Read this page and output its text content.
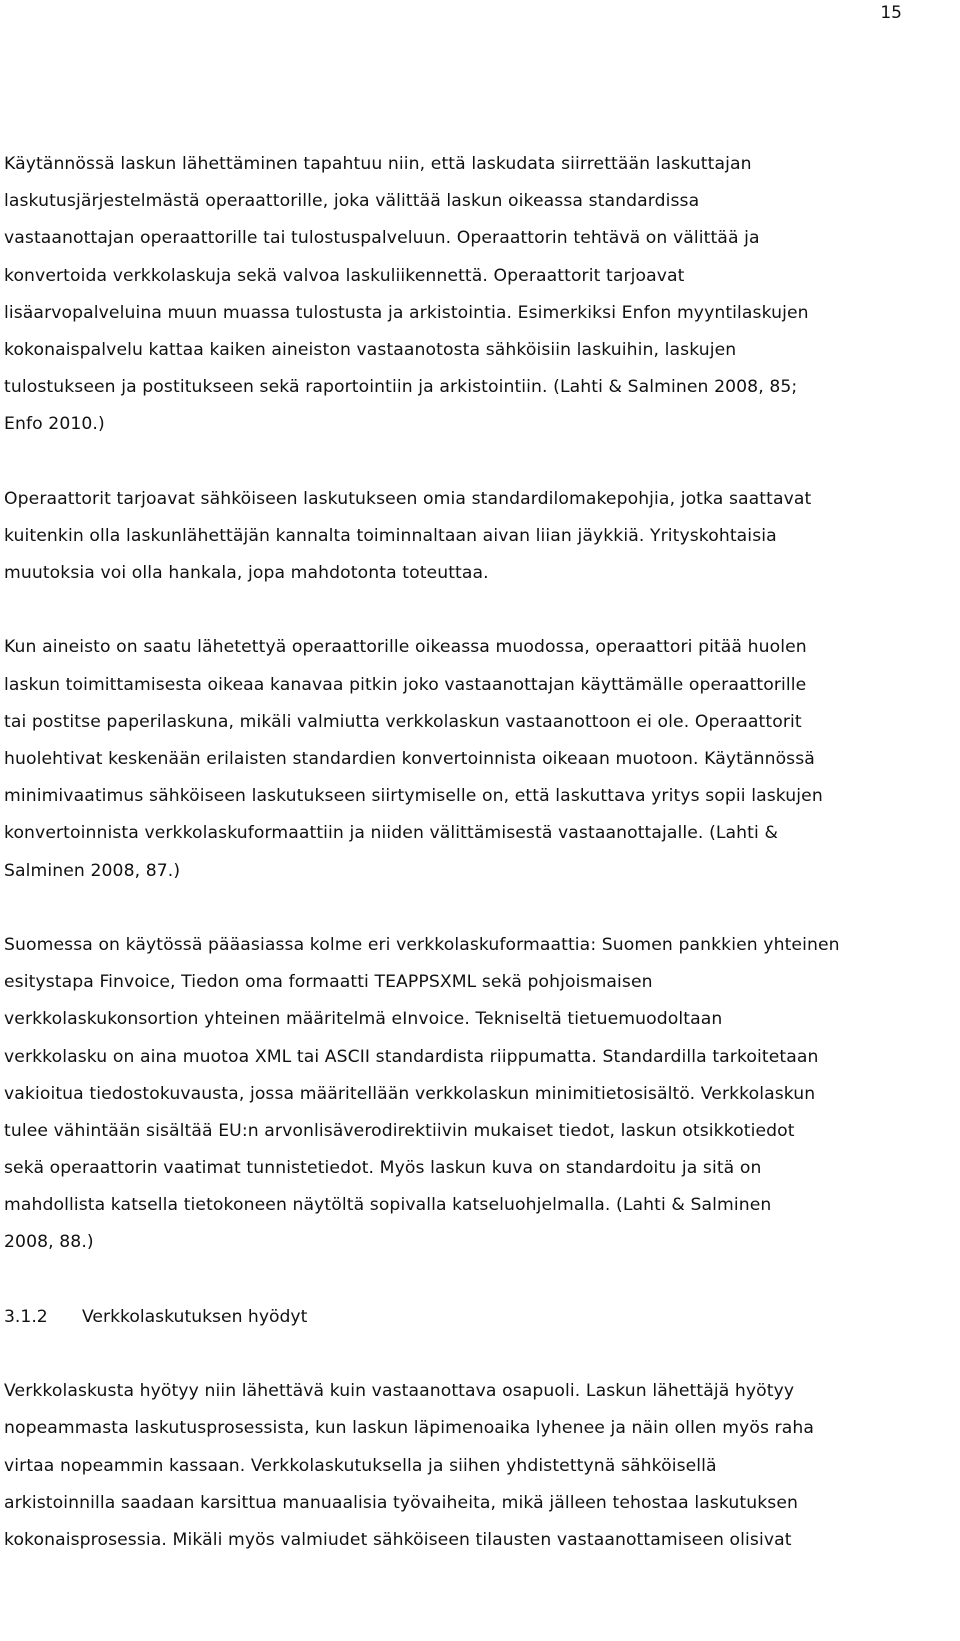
15
Käytännössä laskun lähettäminen tapahtuu niin, että laskudata siirrettään laskuttajan
laskutusjärjestelmästä operaattorille, joka välittää laskun oikeassa standardissa
vastaanottajan operaattorille tai tulostuspalveluun. Operaattorin tehtävä on välittää ja
konvertoida verkkolaskuja sekä valvoa laskuliikennettä. Operaattorit tarjoavat
lisäarvopalveluina muun muassa tulostusta ja arkistointia. Esimerkiksi Enfon myyntilaskujen
kokonaispalvelu kattaa kaiken aineiston vastaanotosta sähköisiin laskuihin, laskujen
tulostukseen ja postitukseen sekä raportointiin ja arkistointiin. (Lahti & Salminen 2008, 85;
Enfo 2010.)
Operaattorit tarjoavat sähköiseen laskutukseen omia standardilomakepohjia, jotka saattavat
kuitenkin olla laskunlähettäjän kannalta toiminnaltaan aivan liian jäykkiä. Yrityskohtaisia
muutoksia voi olla hankala, jopa mahdotonta toteuttaa.
Kun aineisto on saatu lähetettyä operaattorille oikeassa muodossa, operaattori pitää huolen
laskun toimittamisesta oikeaa kanavaa pitkin joko vastaanottajan käyttämälle operaattorille
tai postitse paperilaskuna, mikäli valmiutta verkkolaskun vastaanottoon ei ole. Operaattorit
huolehtivat keskenään erilaisten standardien konvertoinnista oikeaan muotoon. Käytännössä
minimivaatimus sähköiseen laskutukseen siirtymiselle on, että laskuttava yritys sopii laskujen
konvertoinnista verkkolaskuformaattiin ja niiden välittämisestä vastaanottajalle. (Lahti &
Salminen 2008, 87.)
Suomessa on käytössä pääasiassa kolme eri verkkolaskuformaattia: Suomen pankkien yhteinen
esitystapa Finvoice, Tiedon oma formaatti TEAPPSXML sekä pohjoismaisen
verkkolaskukonsortion yhteinen määritelmä eInvoice. Tekniseltä tietuemuodoltaan
verkkolasku on aina muotoa XML tai ASCII standardista riippumatta. Standardilla tarkoitetaan
vakioitua tiedostokuvausta, jossa määritellään verkkolaskun minimitietosisältö. Verkkolaskun
tulee vähintään sisältää EU:n arvonlisäverodirektiivin mukaiset tiedot, laskun otsikkotiedot
sekä operaattorin vaatimat tunnistetiedot. Myös laskun kuva on standardoitu ja sitä on
mahdollista katsella tietokoneen näytöltä sopivalla katseluohjelmalla. (Lahti & Salminen
2008, 88.)
3.1.2 Verkkolaskutuksen hyödyt
Verkkolaskusta hyötyy niin lähettävä kuin vastaanottava osapuoli. Laskun lähettäjä hyötyy
nopeammasta laskutusprosessista, kun laskun läpimenoaika lyhenee ja näin ollen myös raha
virtaa nopeammin kassaan. Verkkolaskutuksella ja siihen yhdistettynä sähköisellä
arkistoinnilla saadaan karsittua manuaalisia työvaiheita, mikä jälleen tehostaa laskutuksen
kokonaisprosessia. Mikäli myös valmiudet sähköiseen tilausten vastaanottamiseen olisivat
